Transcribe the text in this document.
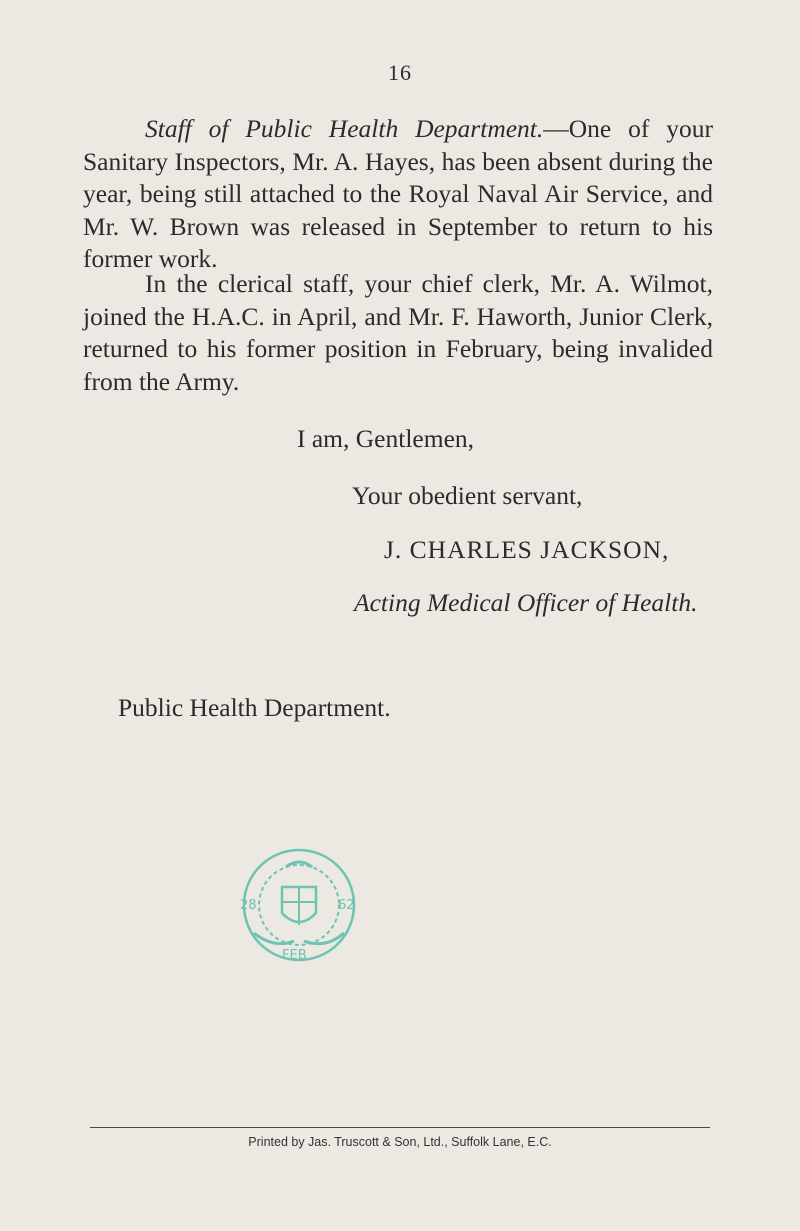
16

Staff of Public Health Department.—One of your Sanitary Inspectors, Mr. A. Hayes, has been absent during the year, being still attached to the Royal Naval Air Service, and Mr. W. Brown was released in September to return to his former work.

In the clerical staff, your chief clerk, Mr. A. Wilmot, joined the H.A.C. in April, and Mr. F. Haworth, Junior Clerk, returned to his former position in February, being invalided from the Army.

I am, Gentlemen,
Your obedient servant,
J. CHARLES JACKSON,
Acting Medical Officer of Health.
Public Health Department.
28	62
FEB
Printed by Jas. Truscott & Son, Ltd., Suffolk Lane, E.C.
